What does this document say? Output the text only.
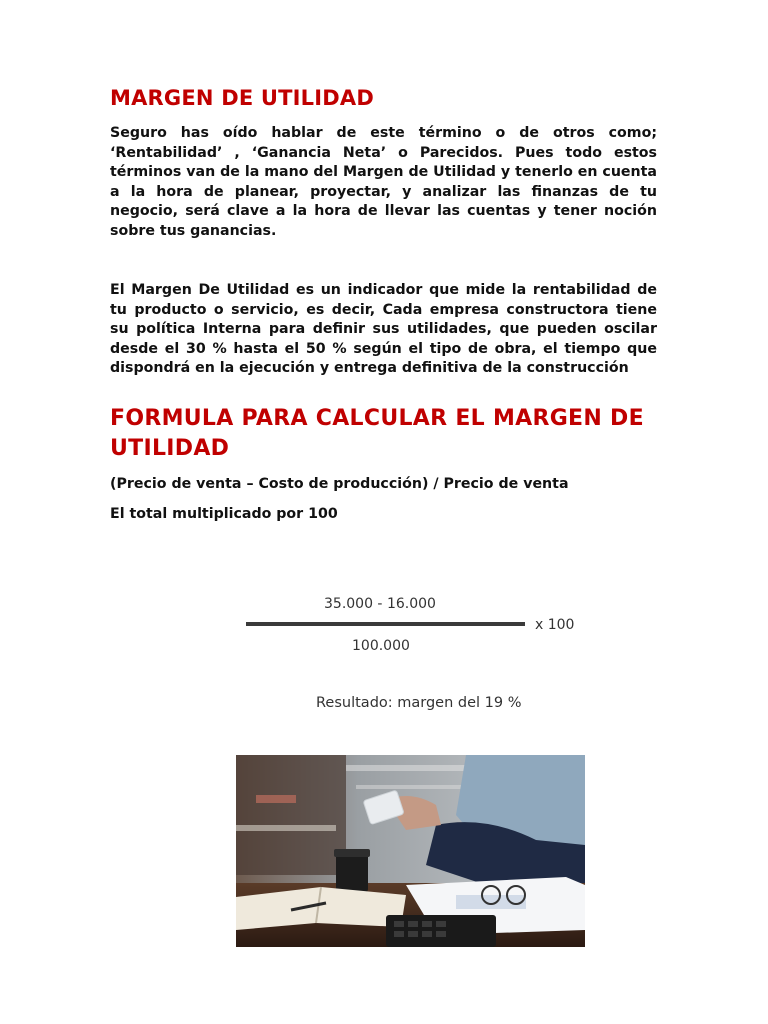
MARGEN DE UTILIDAD

Seguro has oído hablar de este término o de otros como; ‘Rentabilidad’ , ‘Ganancia Neta’ o Parecidos. Pues todo estos términos van de la mano del Margen de Utilidad y tenerlo en cuenta a la hora de planear, proyectar, y analizar las finanzas de tu negocio, será clave a la hora de llevar las cuentas y tener noción sobre tus ganancias.

El Margen De Utilidad es un indicador que mide la rentabilidad de tu producto o servicio, es decir, Cada empresa constructora tiene su política Interna para definir sus utilidades, que pueden oscilar desde el 30 % hasta el 50 % según el tipo de obra, el tiempo que dispondrá en la ejecución y entrega definitiva de la construcción

FORMULA PARA CALCULAR EL MARGEN DE UTILIDAD

(Precio de venta – Costo de producción) / Precio de venta

El total multiplicado por 100

35.000 - 16.000
x 100
100.000
Resultado: margen del 19 %
